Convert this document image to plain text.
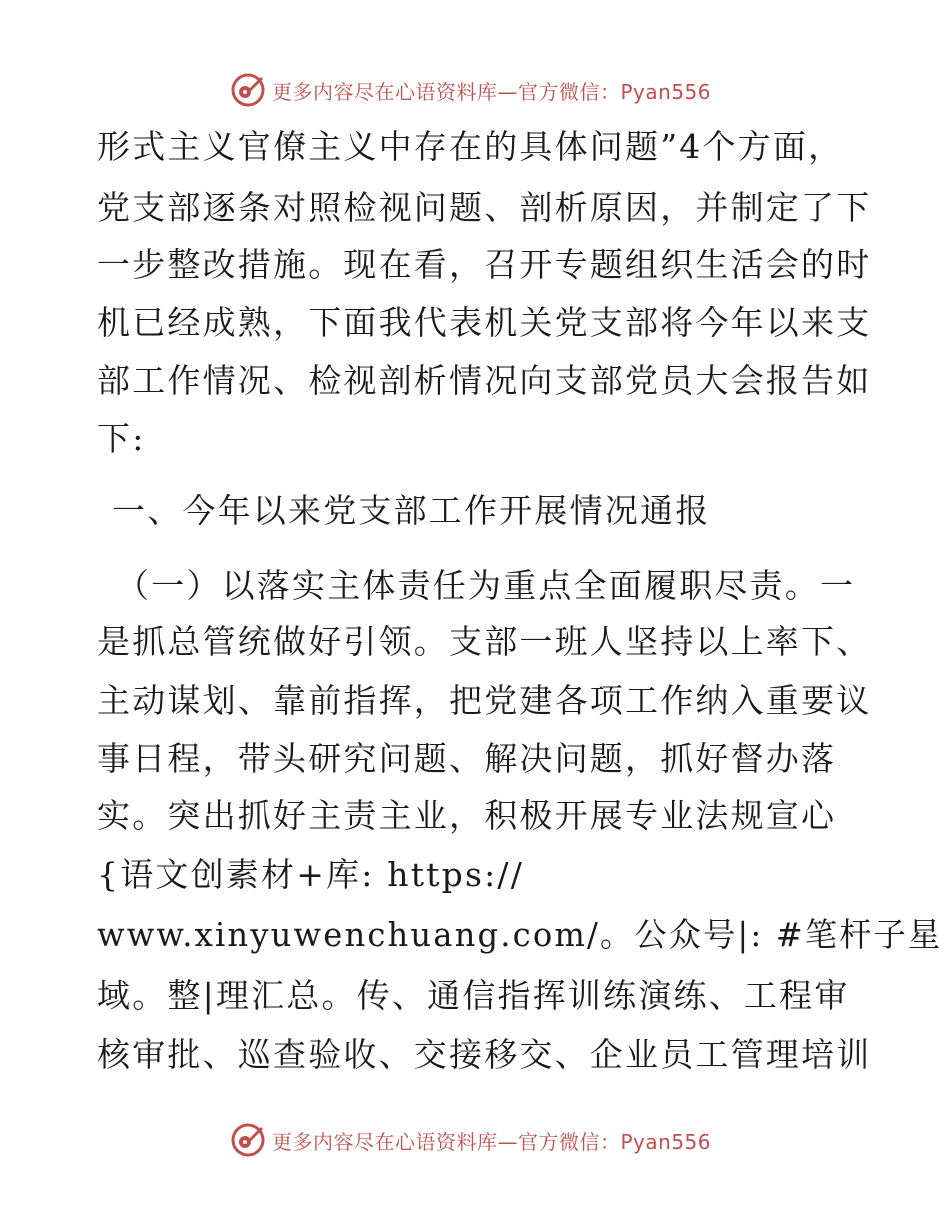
更多内容尽在心语资料库—官方微信：Pyan556
形式主义官僚主义中存在的具体问题”4个方面，
党支部逐条对照检视问题、剖析原因，并制定了下
一步整改措施。现在看，召开专题组织生活会的时
机已经成熟，下面我代表机关党支部将今年以来支
部工作情况、检视剖析情况向支部党员大会报告如
下:
一、今年以来党支部工作开展情况通报
（一）以落实主体责任为重点全面履职尽责。一
是抓总管统做好引领。支部一班人坚持以上率下、
主动谋划、靠前指挥，把党建各项工作纳入重要议
事日程，带头研究问题、解决问题，抓好督办落
实。突出抓好主责主业，积极开展专业法规宣心
{语文创素材+库: https://
www.xinyuwenchuang.com/。公众号|: #笔杆子星
域。整|理汇总。传、通信指挥训练演练、工程审
核审批、巡查验收、交接移交、企业员工管理培训
更多内容尽在心语资料库—官方微信：Pyan556
